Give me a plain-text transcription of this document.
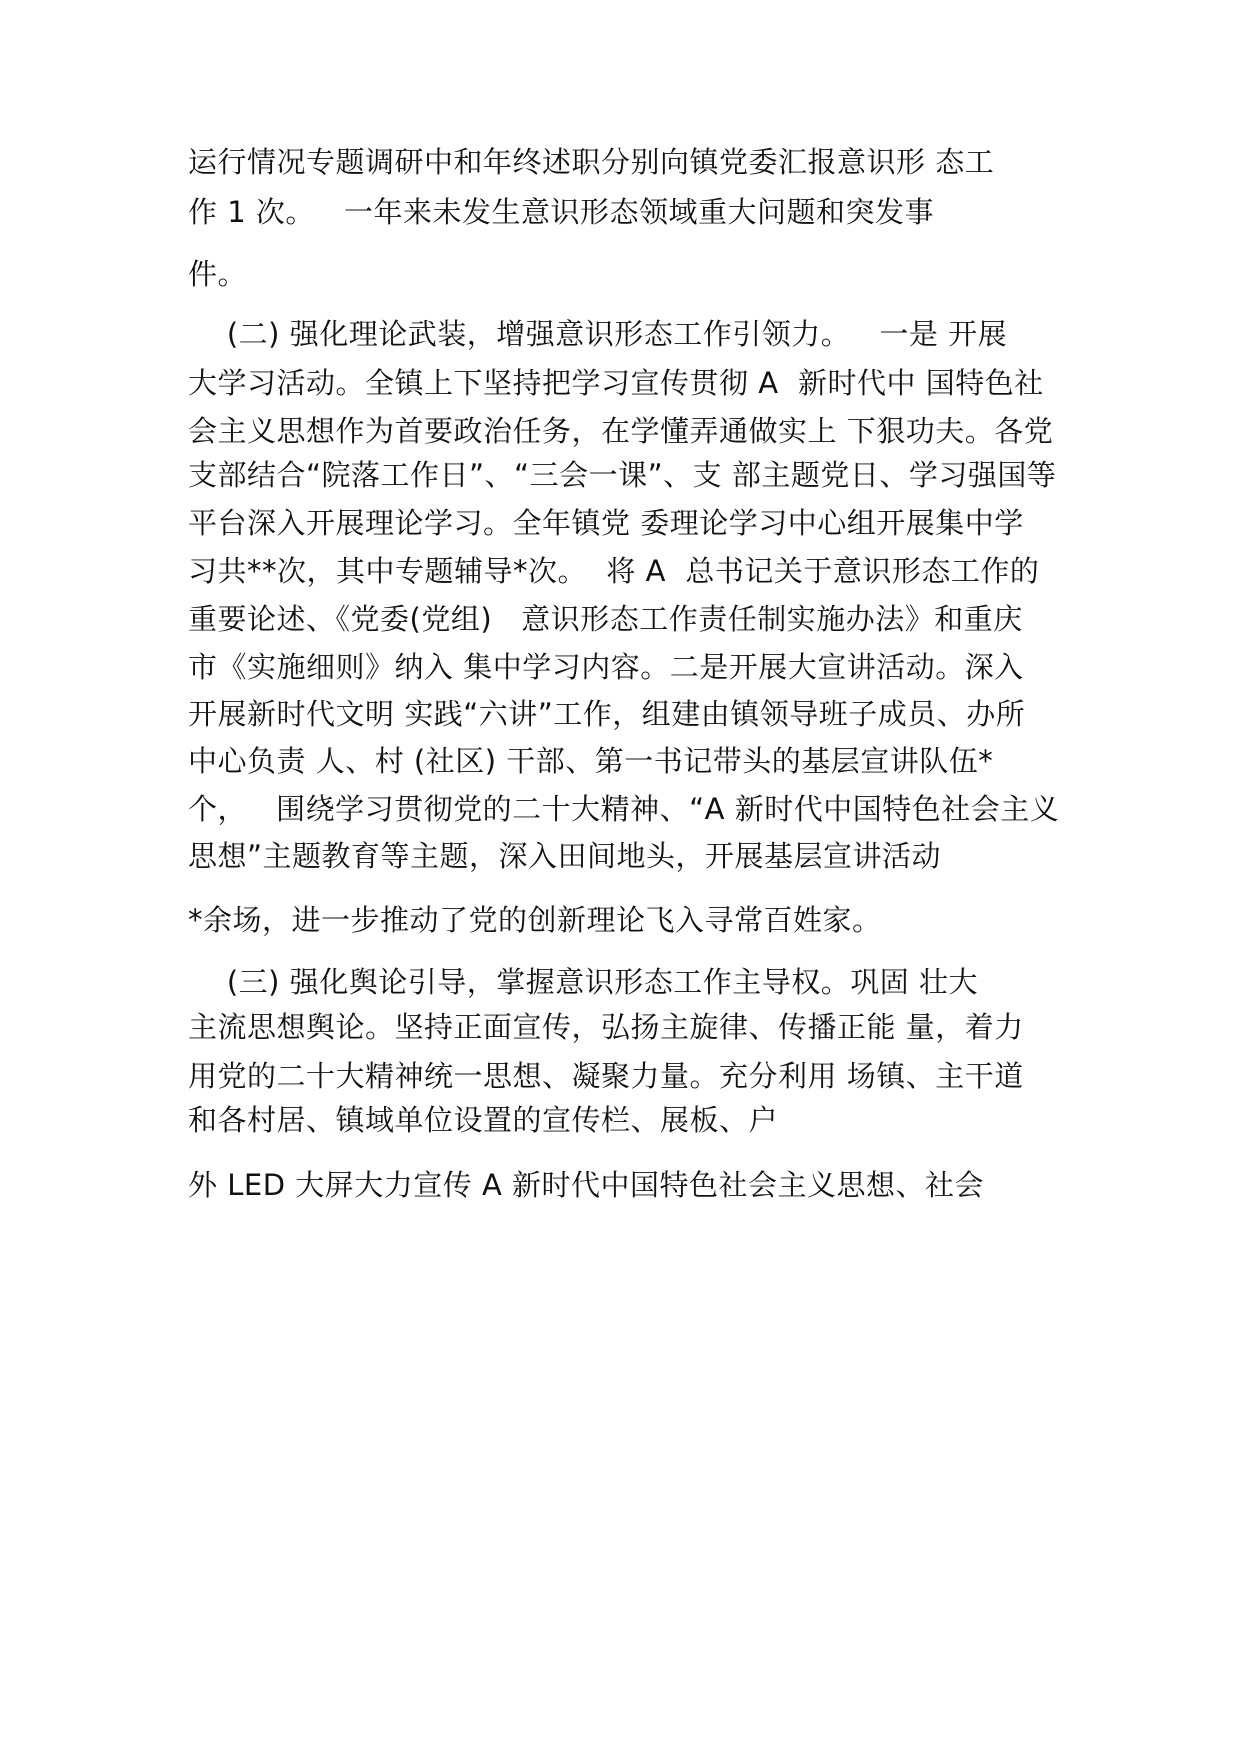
运行情况专题调研中和年终述职分别向镇党委汇报意识形 态工
作 1 次。   一年来未发生意识形态领域重大问题和突发事
件。
(二) 强化理论武装，增强意识形态工作引领力。   一是 开展
大学习活动。全镇上下坚持把学习宣传贯彻 A  新时代中 国特色社
会主义思想作为首要政治任务，在学懂弄通做实上 下狠功夫。各党
支部结合“院落工作日”、“三会一课”、支 部主题党日、学习强国等
平台深入开展理论学习。全年镇党 委理论学习中心组开展集中学
习共**次，其中专题辅导*次。  将 A  总书记关于意识形态工作的
重要论述、《党委(党组)   意识形态工作责任制实施办法》和重庆
市《实施细则》纳入 集中学习内容。二是开展大宣讲活动。深入
开展新时代文明 实践“六讲”工作，组建由镇领导班子成员、办所
中心负责 人、村 (社区) 干部、第一书记带头的基层宣讲队伍*
个，   围绕学习贯彻党的二十大精神、“A 新时代中国特色社会主义
思想”主题教育等主题，深入田间地头，开展基层宣讲活动
*余场，进一步推动了党的创新理论飞入寻常百姓家。
(三) 强化舆论引导，掌握意识形态工作主导权。巩固 壮大
主流思想舆论。坚持正面宣传，弘扬主旋律、传播正能 量，着力
用党的二十大精神统一思想、凝聚力量。充分利用 场镇、主干道
和各村居、镇域单位设置的宣传栏、展板、户
外 LED 大屏大力宣传 A 新时代中国特色社会主义思想、社会
